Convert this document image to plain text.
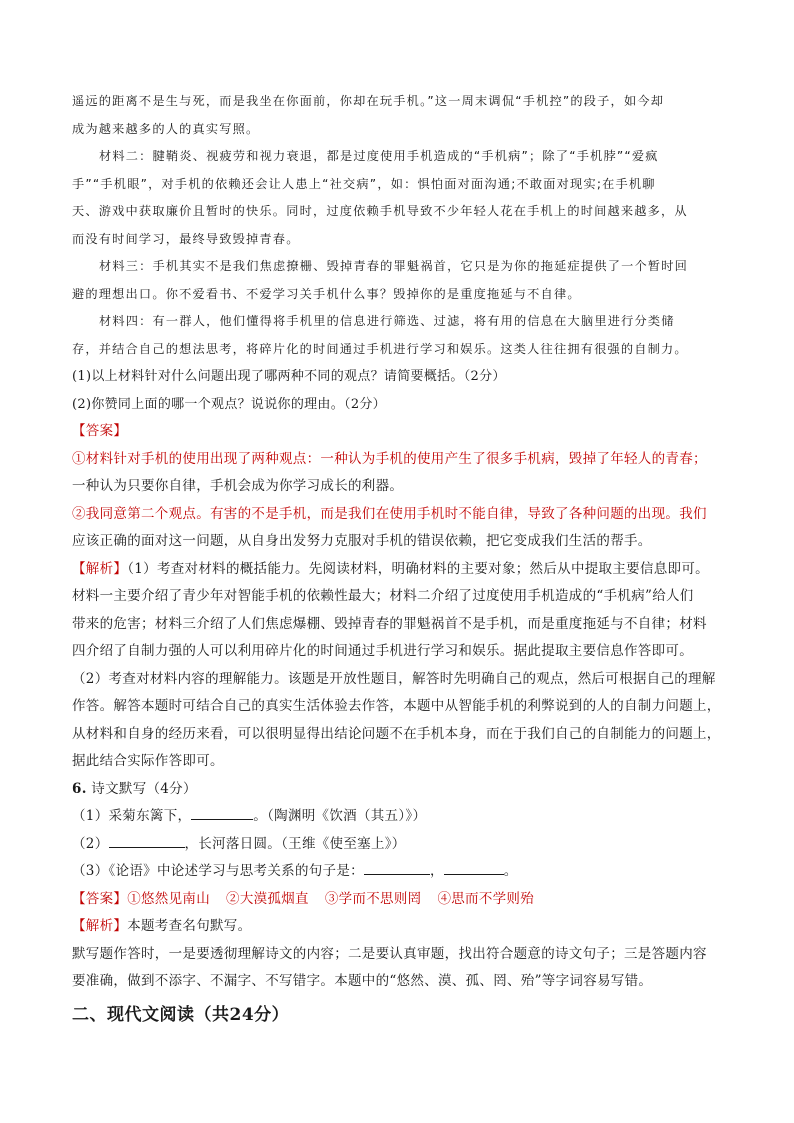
遥远的距离不是生与死，而是我坐在你面前，你却在玩手机。”这一周末调侃“手机控”的段子，如今却
成为越来越多的人的真实写照。
材料二：腱鞘炎、视疲劳和视力衰退，都是过度使用手机造成的“手机病”；除了“手机脖”“爱疯
手”“手机眼”，对手机的依赖还会让人患上“社交病”，如：惧怕面对面沟通;不敢面对现实;在手机聊
天、游戏中获取廉价且暂时的快乐。同时，过度依赖手机导致不少年轻人花在手机上的时间越来越多，从
而没有时间学习，最终导致毁掉青春。
材料三：手机其实不是我们焦虑撩栅、毁掉青春的罪魁祸首，它只是为你的拖延症提供了一个暂时回
避的理想出口。你不爱看书、不爱学习关手机什么事？毁掉你的是重度拖延与不自律。
材料四：有一群人，他们懂得将手机里的信息进行筛选、过滤，将有用的信息在大脑里进行分类储
存，并结合自己的想法思考，将碎片化的时间通过手机进行学习和娱乐。这类人往往拥有很强的自制力。
(1)以上材料针对什么问题出现了哪两种不同的观点？请简要概括。（2分）
(2)你赞同上面的哪一个观点？说说你的理由。（2分）
【答案】
①材料针对手机的使用出现了两种观点：一种认为手机的使用产生了很多手机病，毁掉了年轻人的青春；
一种认为只要你自律，手机会成为你学习成长的利器。
②我同意第二个观点。有害的不是手机，而是我们在使用手机时不能自律，导致了各种问题的出现。我们
应该正确的面对这一问题，从自身出发努力克服对手机的错误依赖，把它变成我们生活的帮手。
【解析】（1）考查对材料的概括能力。先阅读材料，明确材料的主要对象；然后从中提取主要信息即可。
材料一主要介绍了青少年对智能手机的依赖性最大；材料二介绍了过度使用手机造成的“手机病”给人们
带来的危害；材料三介绍了人们焦虑爆棚、毁掉青春的罪魁祸首不是手机，而是重度拖延与不自律；材料
四介绍了自制力强的人可以利用碎片化的时间通过手机进行学习和娱乐。据此提取主要信息作答即可。
（2）考查对材料内容的理解能力。该题是开放性题目，解答时先明确自己的观点，然后可根据自己的理解
作答。解答本题时可结合自己的真实生活体验去作答，本题中从智能手机的利弊说到的人的自制力问题上，
从材料和自身的经历来看，可以很明显得出结论问题不在手机本身，而在于我们自己的自制能力的问题上，
据此结合实际作答即可。
6. 诗文默写（4分）
（1）采菊东篱下，	。（陶渊明《饮酒（其五）》）
（2）	，长河落日圆。（王维《使至塞上》）
（3）《论语》中论述学习与思考关系的句子是：	，	。
【答案】①悠然见南山 ②大漠孤烟直 ③学而不思则罔 ④思而不学则殆
【解析】本题考查名句默写。
默写题作答时，一是要透彻理解诗文的内容；二是要认真审题，找出符合题意的诗文句子；三是答题内容
要准确，做到不添字、不漏字、不写错字。本题中的“悠然、漠、孤、罔、殆”等字词容易写错。
二、现代文阅读（共24分）
